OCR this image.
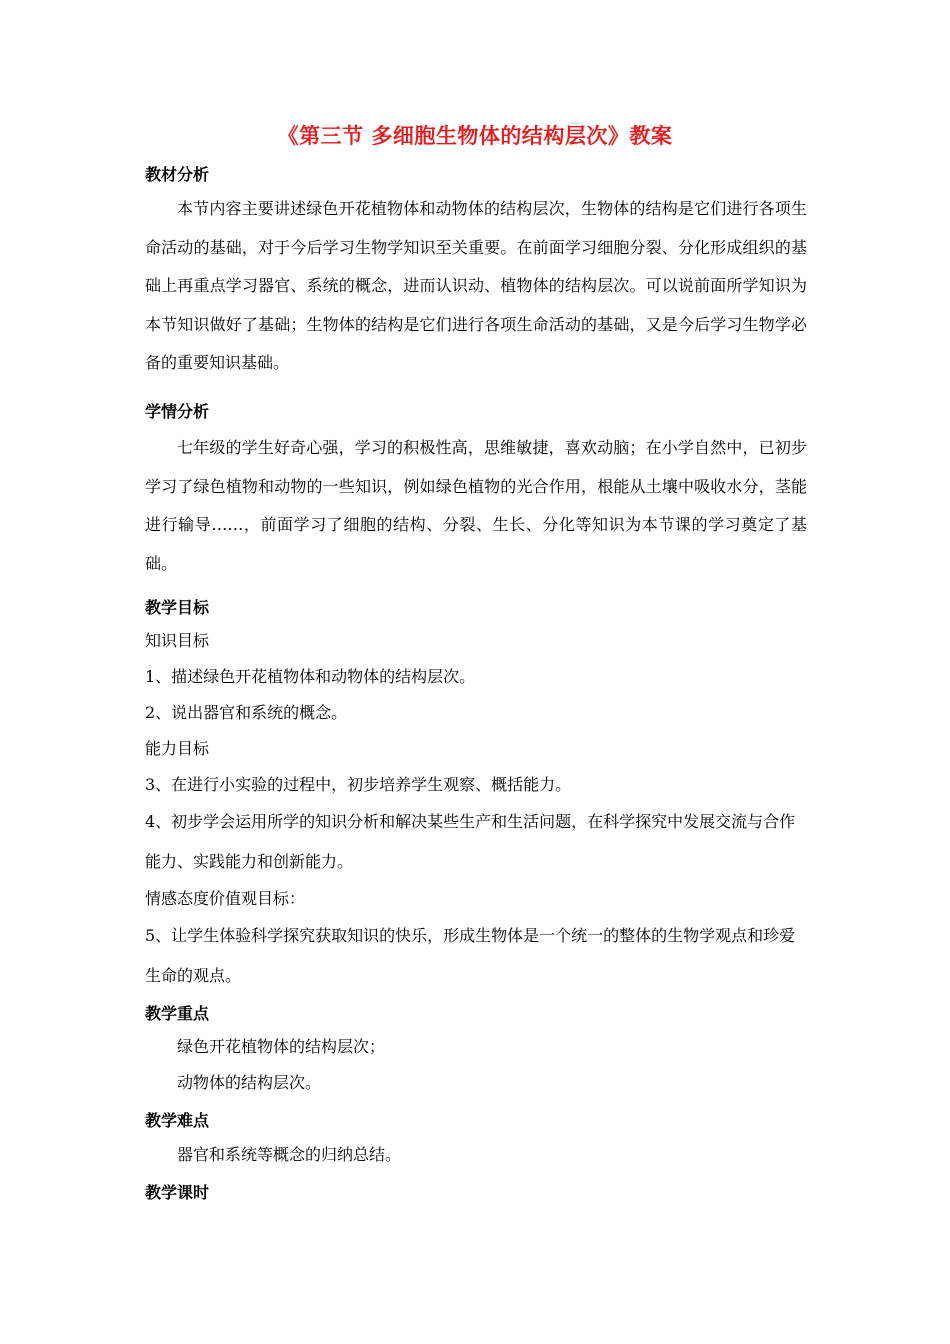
《第三节 多细胞生物体的结构层次》教案
教材分析
本节内容主要讲述绿色开花植物体和动物体的结构层次，生物体的结构是它们进行各项生命活动的基础，对于今后学习生物学知识至关重要。在前面学习细胞分裂、分化形成组织的基础上再重点学习器官、系统的概念，进而认识动、植物体的结构层次。可以说前面所学知识为本节知识做好了基础；生物体的结构是它们进行各项生命活动的基础，又是今后学习生物学必备的重要知识基础。
学情分析
七年级的学生好奇心强，学习的积极性高，思维敏捷，喜欢动脑；在小学自然中，已初步学习了绿色植物和动物的一些知识，例如绿色植物的光合作用，根能从土壤中吸收水分，茎能进行输导……，前面学习了细胞的结构、分裂、生长、分化等知识为本节课的学习奠定了基础。
教学目标
知识目标
1、描述绿色开花植物体和动物体的结构层次。
2、说出器官和系统的概念。
能力目标
3、在进行小实验的过程中，初步培养学生观察、概括能力。
4、初步学会运用所学的知识分析和解决某些生产和生活问题，在科学探究中发展交流与合作能力、实践能力和创新能力。
情感态度价值观目标：
5、让学生体验科学探究获取知识的快乐，形成生物体是一个统一的整体的生物学观点和珍爱生命的观点。
教学重点
绿色开花植物体的结构层次；
动物体的结构层次。
教学难点
器官和系统等概念的归纳总结。
教学课时
